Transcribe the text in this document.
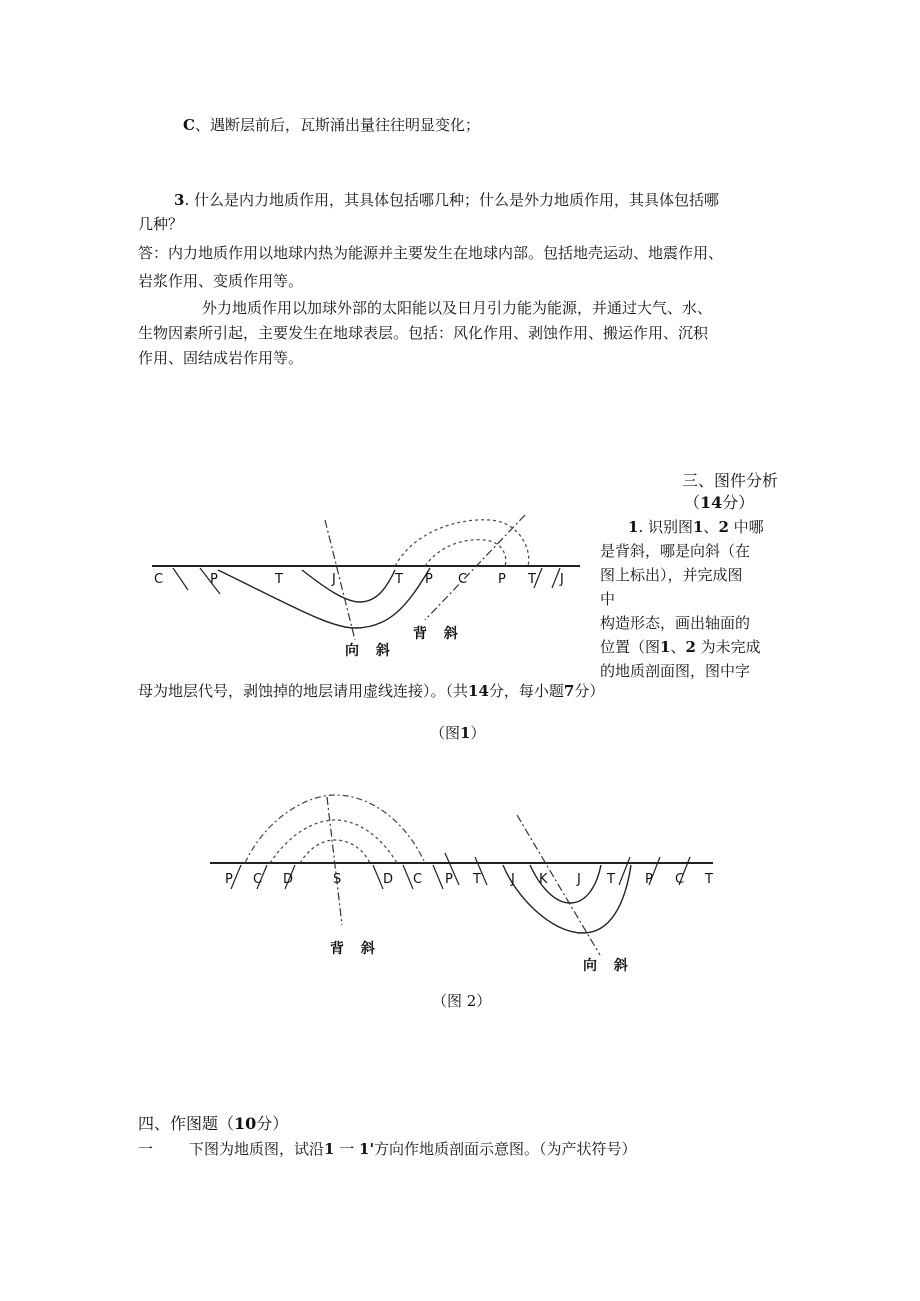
C、遇断层前后，瓦斯涌出量往往明显变化；
3. 什么是内力地质作用，其具体包括哪几种；什么是外力地质作用，其具体包括哪
几种？
答：内力地质作用以地球内热为能源并主要发生在地球内部。包括地壳运动、地震作用、
岩浆作用、变质作用等。
外力地质作用以加球外部的太阳能以及日月引力能为能源，并通过大气、水、
生物因素所引起，主要发生在地球表层。包括：风化作用、剥蚀作用、搬运作用、沉积
作用、固结成岩作用等。
三、图件分析
（14分）
1. 识别图1、2 中哪
是背斜，哪是向斜（在
图上标出），并完成图
中
构造形态，画出轴面的
位置（图1、2 为未完成
的地质剖面图，图中字
母为地层代号，剥蚀掉的地层请用虚线连接）。（共14分，每小题7分）
C	P	T	J	T P C P T J
背 斜
向 斜
（图1）
P C D	S	D C P T J K J T P C T
背 斜
向 斜
（图 2）
四、作图题（10分）
一 下图为地质图，试沿1 一 1'方向作地质剖面示意图。（为产状符号）
